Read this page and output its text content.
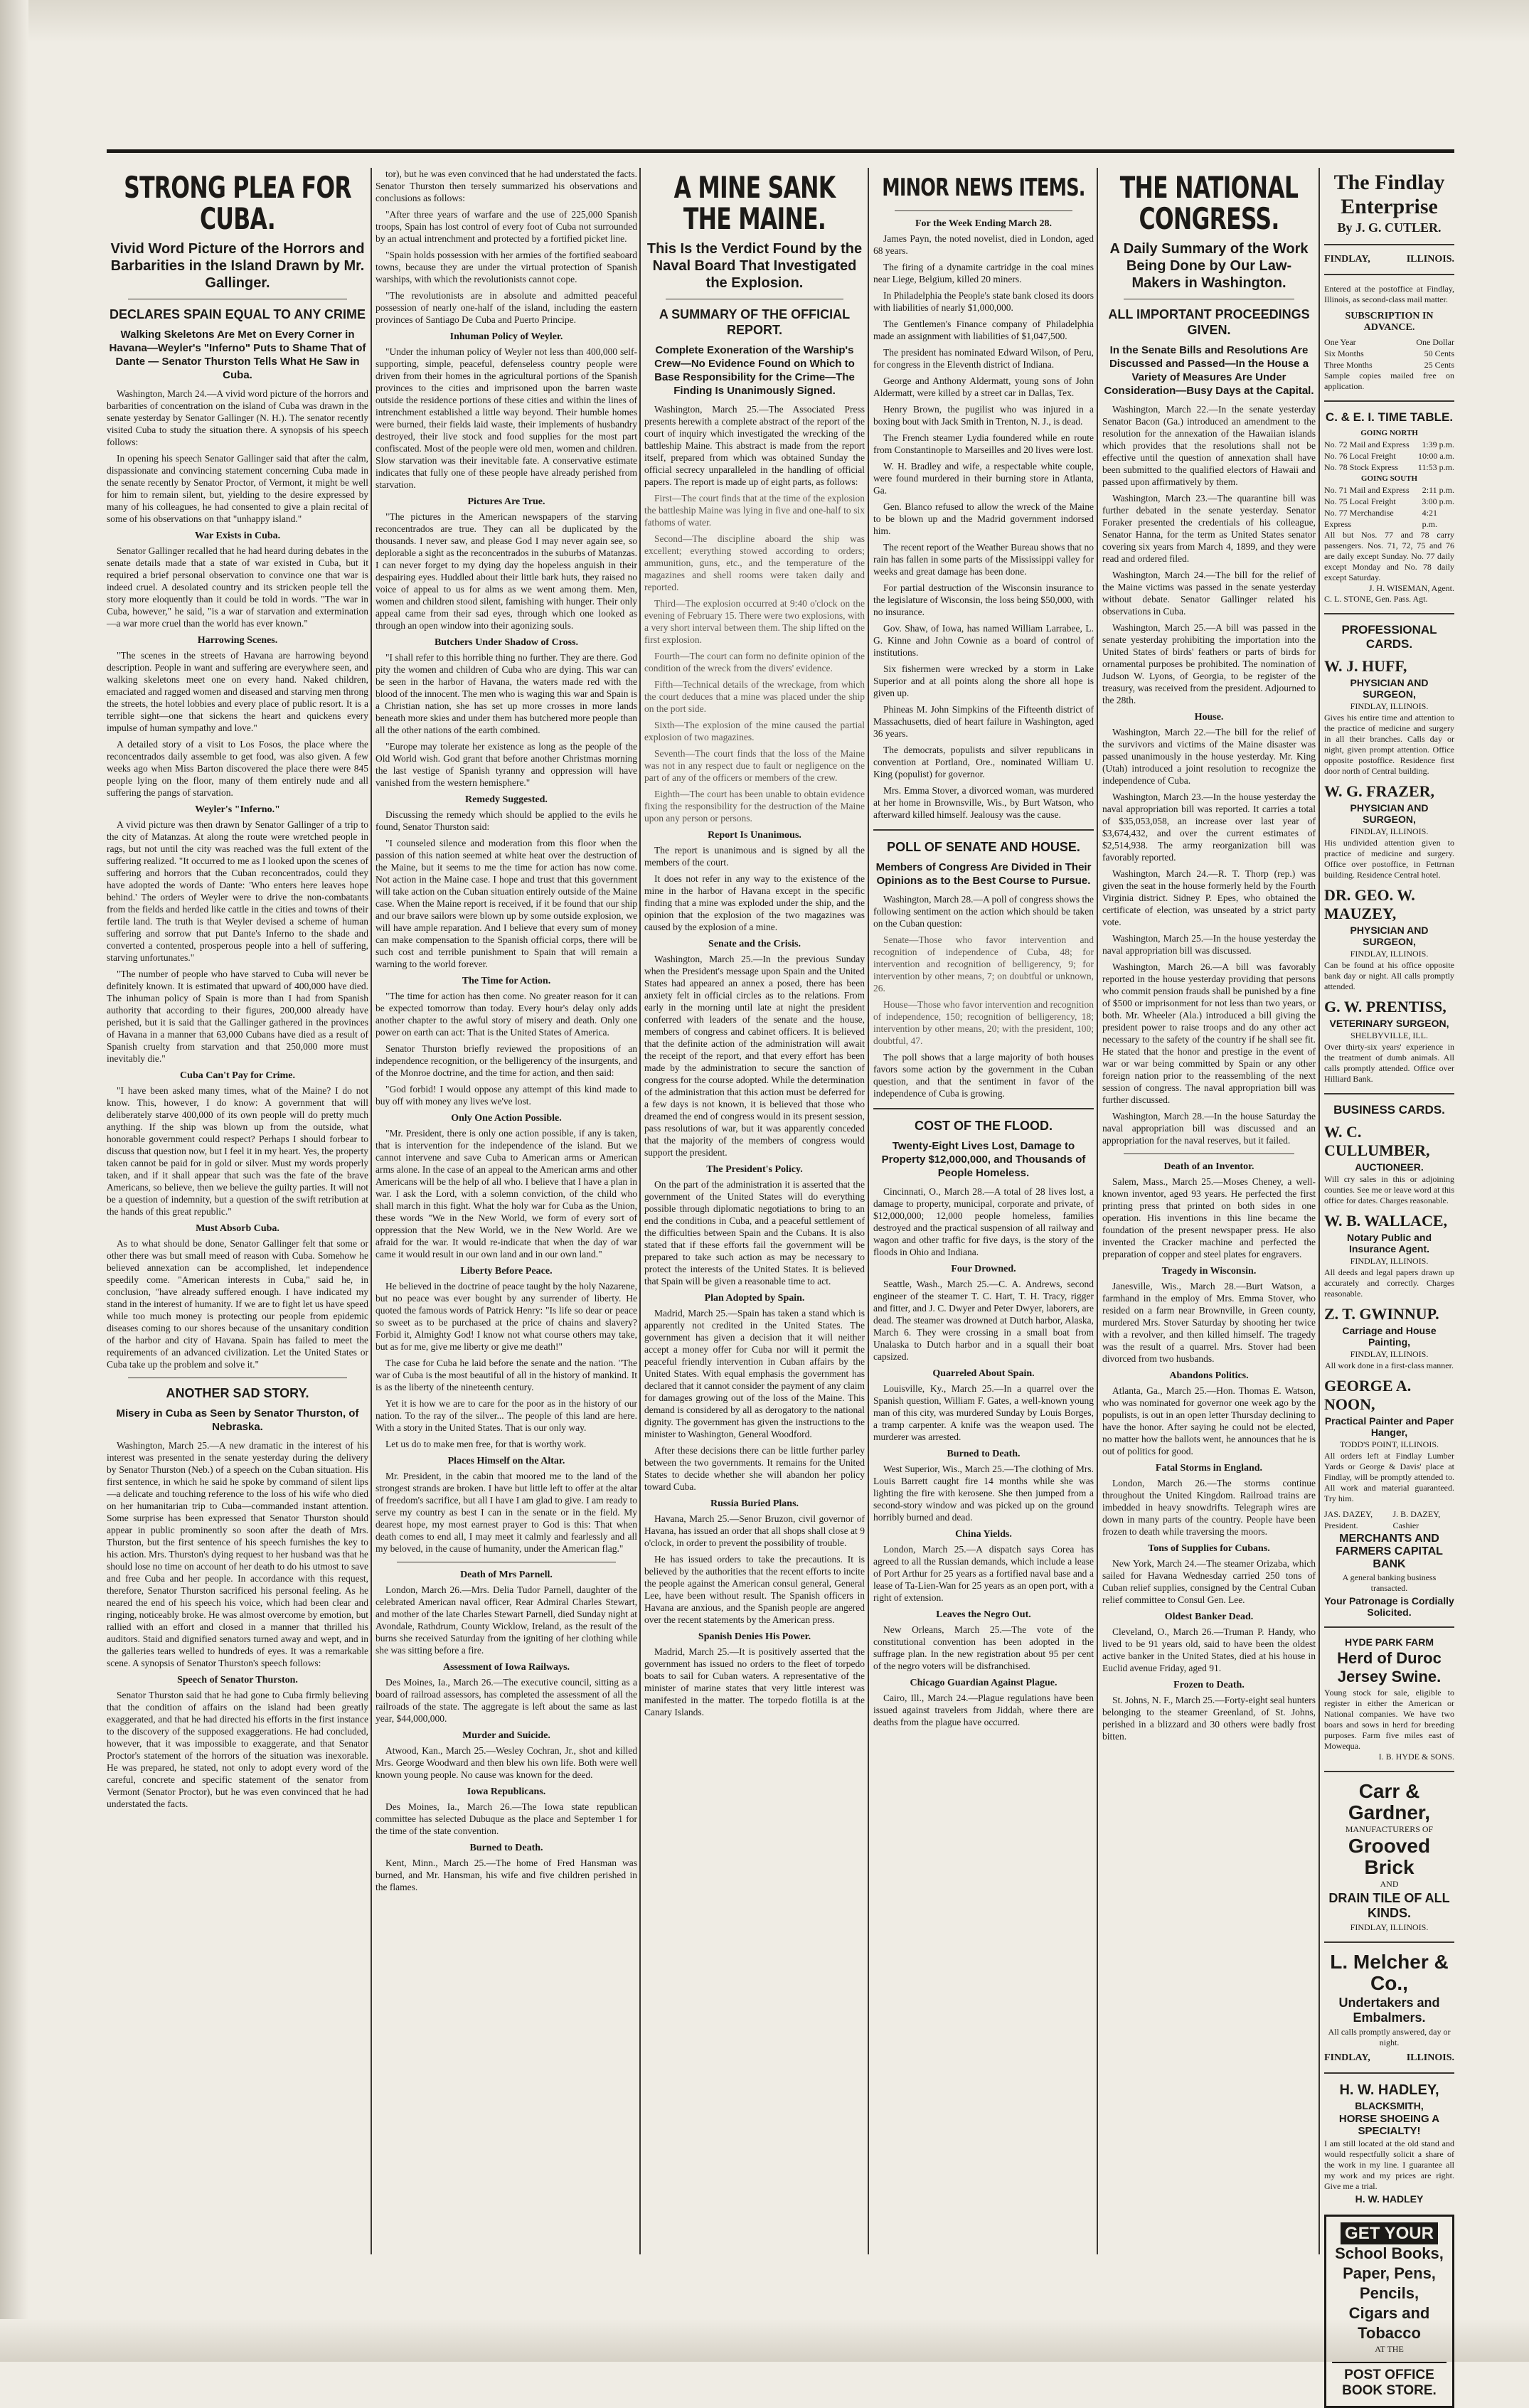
STRONG PLEA FOR CUBA.
Vivid Word Picture of the Horrors and Barbarities in the Island Drawn by Mr. Gallinger.
DECLARES SPAIN EQUAL TO ANY CRIME
Walking Skeletons Are Met on Every Corner in Havana—Weyler's "Inferno" Puts to Shame That of Dante — Senator Thurston Tells What He Saw in Cuba.

Washington, March 24.—A vivid word picture of the horrors and barbarities of concentration on the island of Cuba was drawn in the senate yesterday by Senator Gallinger (N. H.). The senator recently visited Cuba to study the situation there. A synopsis of his speech follows:

In opening his speech Senator Gallinger said that after the calm, dispassionate and convincing statement concerning Cuba made in the senate recently by Senator Proctor, of Vermont, it might be well for him to remain silent, but, yielding to the desire expressed by many of his colleagues, he had consented to give a plain recital of some of his observations on that "unhappy island."

War Exists in Cuba.

Senator Gallinger recalled that he had heard during debates in the senate details made that a state of war existed in Cuba, but it required a brief personal observation to convince one that war is indeed cruel. A desolated country and its stricken people tell the story more eloquently than it could be told in words. "The war in Cuba, however," he said, "is a war of starvation and extermination—a war more cruel than the world has ever known."

Harrowing Scenes.

"The scenes in the streets of Havana are harrowing beyond description. People in want and suffering are everywhere seen, and walking skeletons meet one on every hand. Naked children, emaciated and ragged women and diseased and starving men throng the streets, the hotel lobbies and every place of public resort. It is a terrible sight—one that sickens the heart and quickens every impulse of human sympathy and love."

A detailed story of a visit to Los Fosos, the place where the reconcentrados daily assemble to get food, was also given. A few weeks ago when Miss Barton discovered the place there were 845 people lying on the floor, many of them entirely nude and all suffering the pangs of starvation.

Weyler's "Inferno."

A vivid picture was then drawn by Senator Gallinger of a trip to the city of Matanzas. At along the route were wretched people in rags, but not until the city was reached was the full extent of the suffering realized. "It occurred to me as I looked upon the scenes of suffering and horrors that the Cuban reconcentrados, could they have adopted the words of Dante: 'Who enters here leaves hope behind.' The orders of Weyler were to drive the non-combatants from the fields and herded like cattle in the cities and towns of their fertile land. The truth is that Weyler devised a scheme of human suffering and sorrow that put Dante's Inferno to the shade and converted a contented, prosperous people into a hell of suffering, starving unfortunates."

"The number of people who have starved to Cuba will never be definitely known. It is estimated that upward of 400,000 have died. The inhuman policy of Spain is more than I had from Spanish authority that according to their figures, 200,000 already have perished, but it is said that the Gallinger gathered in the provinces of Havana in a manner that 63,000 Cubans have died as a result of Spanish cruelty from starvation and that 250,000 more must inevitably die."

Cuba Can't Pay for Crime.

"I have been asked many times, what of the Maine? I do not know. This, however, I do know: A government that will deliberately starve 400,000 of its own people will do pretty much anything. If the ship was blown up from the outside, what honorable government could respect? Perhaps I should forbear to discuss that question now, but I feel it in my heart. Yes, the property taken cannot be paid for in gold or silver. Must my words properly taken, and if it shall appear that such was the fate of the brave Americans, so believe, then we believe the guilty parties. It will not be a question of indemnity, but a question of the swift retribution at the hands of this great republic."

Must Absorb Cuba.

As to what should be done, Senator Gallinger felt that some or other there was but small meed of reason with Cuba. Somehow he believed annexation can be accomplished, let independence speedily come. "American interests in Cuba," said he, in conclusion, "have already suffered enough. I have indicated my stand in the interest of humanity. If we are to fight let us have speed while too much money is protecting our people from epidemic diseases coming to our shores because of the unsanitary condition of the harbor and city of Havana. Spain has failed to meet the requirements of an advanced civilization. Let the United States or Cuba take up the problem and solve it."

ANOTHER SAD STORY.
Misery in Cuba as Seen by Senator Thurston, of Nebraska.

Washington, March 25.—A new dramatic in the interest of his interest was presented in the senate yesterday during the delivery by Senator Thurston (Neb.) of a speech on the Cuban situation. His first sentence, in which he said he spoke by command of silent lips—a delicate and touching reference to the loss of his wife who died on her humanitarian trip to Cuba—commanded instant attention. Some surprise has been expressed that Senator Thurston should appear in public prominently so soon after the death of Mrs. Thurston, but the first sentence of his speech furnishes the key to his action. Mrs. Thurston's dying request to her husband was that he should lose no time on account of her death to do his utmost to save and free Cuba and her people. In accordance with this request, therefore, Senator Thurston sacrificed his personal feeling. As he neared the end of his speech his voice, which had been clear and ringing, noticeably broke. He was almost overcome by emotion, but rallied with an effort and closed in a manner that thrilled his auditors. Staid and dignified senators turned away and wept, and in the galleries tears welled to hundreds of eyes. It was a remarkable scene. A synopsis of Senator Thurston's speech follows:

Speech of Senator Thurston.

Senator Thurston said that he had gone to Cuba firmly believing that the condition of affairs on the island had been greatly exaggerated, and that he had directed his efforts in the first instance to the discovery of the supposed exaggerations. He had concluded, however, that it was impossible to exaggerate, and that Senator Proctor's statement of the horrors of the situation was inexorable. He was prepared, he stated, not only to adopt every word of the careful, concrete and specific statement of the senator from Vermont (Senator Proctor), but he was even convinced that he had understated the facts.

tor), but he was even convinced that he had understated the facts. Senator Thurston then tersely summarized his observations and conclusions as follows:

"After three years of warfare and the use of 225,000 Spanish troops, Spain has lost control of every foot of Cuba not surrounded by an actual intrenchment and protected by a fortified picket line.

"Spain holds possession with her armies of the fortified seaboard towns, because they are under the virtual protection of Spanish warships, with which the revolutionists cannot cope.

"The revolutionists are in absolute and admitted peaceful possession of nearly one-half of the island, including the eastern provinces of Santiago De Cuba and Puerto Principe.

Inhuman Policy of Weyler.

"Under the inhuman policy of Weyler not less than 400,000 self-supporting, simple, peaceful, defenseless country people were driven from their homes in the agricultural portions of the Spanish provinces to the cities and imprisoned upon the barren waste outside the residence portions of these cities and within the lines of intrenchment established a little way beyond. Their humble homes were burned, their fields laid waste, their implements of husbandry destroyed, their live stock and food supplies for the most part confiscated. Most of the people were old men, women and children. Slow starvation was their inevitable fate. A conservative estimate indicates that fully one of these people have already perished from starvation.

Pictures Are True.

"The pictures in the American newspapers of the starving reconcentrados are true. They can all be duplicated by the thousands. I never saw, and please God I may never again see, so deplorable a sight as the reconcentrados in the suburbs of Matanzas. I can never forget to my dying day the hopeless anguish in their despairing eyes. Huddled about their little bark huts, they raised no voice of appeal to us for alms as we went among them. Men, women and children stood silent, famishing with hunger. Their only appeal came from their sad eyes, through which one looked as through an open window into their agonizing souls.

Butchers Under Shadow of Cross.

"I shall refer to this horrible thing no further. They are there. God pity the women and children of Cuba who are dying. This war can be seen in the harbor of Havana, the waters made red with the blood of the innocent. The men who is waging this war and Spain is a Christian nation, she has set up more crosses in more lands beneath more skies and under them has butchered more people than all the other nations of the earth combined.

"Europe may tolerate her existence as long as the people of the Old World wish. God grant that before another Christmas morning the last vestige of Spanish tyranny and oppression will have vanished from the western hemisphere."

Remedy Suggested.

Discussing the remedy which should be applied to the evils he found, Senator Thurston said:

"I counseled silence and moderation from this floor when the passion of this nation seemed at white heat over the destruction of the Maine, but it seems to me the time for action has now come. Not action in the Maine case. I hope and trust that this government will take action on the Cuban situation entirely outside of the Maine case. When the Maine report is received, if it be found that our ship and our brave sailors were blown up by some outside explosion, we will have ample reparation. And I believe that every sum of money can make compensation to the Spanish official corps, there will be such cost and terrible punishment to Spain that will remain a warning to the world forever.

The Time for Action.

"The time for action has then come. No greater reason for it can be expected tomorrow than today. Every hour's delay only adds another chapter to the awful story of misery and death. Only one power on earth can act: That is the United States of America.

Senator Thurston briefly reviewed the propositions of an independence recognition, or the belligerency of the insurgents, and of the Monroe doctrine, and the time for action, and then said:

"God forbid! I would oppose any attempt of this kind made to buy off with money any lives we've lost.

Only One Action Possible.

"Mr. President, there is only one action possible, if any is taken, that is intervention for the independence of the island. But we cannot intervene and save Cuba to American arms or American arms alone. In the case of an appeal to the American arms and other Americans will be the help of all who. I believe that I have a plan in war. I ask the Lord, with a solemn conviction, of the child who shall march in this fight. What the holy war for Cuba as the Union, these words "We in the New World, we form of every sort of oppression that the New World, we in the New World. Are we afraid for the war. It would re-indicate that when the day of war came it would result in our own land and in our own land."

Liberty Before Peace.

He believed in the doctrine of peace taught by the holy Nazarene, but no peace was ever bought by any surrender of liberty. He quoted the famous words of Patrick Henry: "Is life so dear or peace so sweet as to be purchased at the price of chains and slavery? Forbid it, Almighty God! I know not what course others may take, but as for me, give me liberty or give me death!"

The case for Cuba he laid before the senate and the nation. "The war of Cuba is the most beautiful of all in the history of mankind. It is as the liberty of the nineteenth century.

Yet it is how we are to care for the poor as in the history of our nation. To the ray of the silver... The people of this land are here. With a story in the United States. That is our only way.

Let us do to make men free, for that is worthy work.

Places Himself on the Altar.

Mr. President, in the cabin that moored me to the land of the strongest strands are broken. I have but little left to offer at the altar of freedom's sacrifice, but all I have I am glad to give. I am ready to serve my country as best I can in the senate or in the field. My dearest hope, my most earnest prayer to God is this: That when death comes to end all, I may meet it calmly and fearlessly and all my beloved, in the cause of humanity, under the American flag."

Death of Mrs Parnell.

London, March 26.—Mrs. Delia Tudor Parnell, daughter of the celebrated American naval officer, Rear Admiral Charles Stewart, and mother of the late Charles Stewart Parnell, died Sunday night at Avondale, Rathdrum, County Wicklow, Ireland, as the result of the burns she received Saturday from the igniting of her clothing while she was sitting before a fire.

Assessment of Iowa Railways.

Des Moines, Ia., March 26.—The executive council, sitting as a board of railroad assessors, has completed the assessment of all the railroads of the state. The aggregate is left about the same as last year, $44,000,000.

Murder and Suicide.

Atwood, Kan., March 25.—Wesley Cochran, Jr., shot and killed Mrs. George Woodward and then blew his own life. Both were well known young people. No cause was known for the deed.

Iowa Republicans.

Des Moines, Ia., March 26.—The Iowa state republican committee has selected Dubuque as the place and September 1 for the time of the state convention.

Burned to Death.

Kent, Minn., March 25.—The home of Fred Hansman was burned, and Mr. Hansman, his wife and five children perished in the flames.

A MINE SANK THE MAINE.
This Is the Verdict Found by the Naval Board That Investigated the Explosion.
A SUMMARY OF THE OFFICIAL REPORT.
Complete Exoneration of the Warship's Crew—No Evidence Found on Which to Base Responsibility for the Crime—The Finding Is Unanimously Signed.

Washington, March 25.—The Associated Press presents herewith a complete abstract of the report of the court of inquiry which investigated the wrecking of the battleship Maine. This abstract is made from the report itself, prepared from which was obtained Sunday the official secrecy unparalleled in the handling of official papers. The report is made up of eight parts, as follows:

First—The court finds that at the time of the explosion the battleship Maine was lying in five and one-half to six fathoms of water.

Second—The discipline aboard the ship was excellent; everything stowed according to orders; ammunition, guns, etc., and the temperature of the magazines and shell rooms were taken daily and reported.

Third—The explosion occurred at 9:40 o'clock on the evening of February 15. There were two explosions, with a very short interval between them. The ship lifted on the first explosion.

Fourth—The court can form no definite opinion of the condition of the wreck from the divers' evidence.

Fifth—Technical details of the wreckage, from which the court deduces that a mine was placed under the ship on the port side.

Sixth—The explosion of the mine caused the partial explosion of two magazines.

Seventh—The court finds that the loss of the Maine was not in any respect due to fault or negligence on the part of any of the officers or members of the crew.

Eighth—The court has been unable to obtain evidence fixing the responsibility for the destruction of the Maine upon any person or persons.

Report Is Unanimous.

The report is unanimous and is signed by all the members of the court.

It does not refer in any way to the existence of the mine in the harbor of Havana except in the specific finding that a mine was exploded under the ship, and the opinion that the explosion of the two magazines was caused by the explosion of a mine.

Senate and the Crisis.

Washington, March 25.—In the previous Sunday when the President's message upon Spain and the United States had appeared an annex a posed, there has been anxiety felt in official circles as to the relations. From early in the morning until late at night the president conferred with leaders of the senate and the house, members of congress and cabinet officers. It is believed that the definite action of the administration will await the receipt of the report, and that every effort has been made by the administration to secure the sanction of congress for the course adopted. While the determination of the administration that this action must be deferred for a few days is not known, it is believed that those who dreamed the end of congress would in its present session, pass resolutions of war, but it was apparently conceded that the majority of the members of congress would support the president.

The President's Policy.

On the part of the administration it is asserted that the government of the United States will do everything possible through diplomatic negotiations to bring to an end the conditions in Cuba, and a peaceful settlement of the difficulties between Spain and the Cubans. It is also stated that if these efforts fail the government will be prepared to take such action as may be necessary to protect the interests of the United States. It is believed that Spain will be given a reasonable time to act.

Plan Adopted by Spain.

Madrid, March 25.—Spain has taken a stand which is apparently not credited in the United States. The government has given a decision that it will neither accept a money offer for Cuba nor will it permit the peaceful friendly intervention in Cuban affairs by the United States. With equal emphasis the government has declared that it cannot consider the payment of any claim for damages growing out of the loss of the Maine. This demand is considered by all as derogatory to the national dignity. The government has given the instructions to the minister to Washington, General Woodford.

After these decisions there can be little further parley between the two governments. It remains for the United States to decide whether she will abandon her policy toward Cuba.

Russia Buried Plans.

Havana, March 25.—Senor Bruzon, civil governor of Havana, has issued an order that all shops shall close at 9 o'clock, in order to prevent the possibility of trouble.

He has issued orders to take the precautions. It is believed by the authorities that the recent efforts to incite the people against the American consul general, General Lee, have been without result. The Spanish officers in Havana are anxious, and the Spanish people are angered over the recent statements by the American press.

Spanish Denies His Power.

Madrid, March 25.—It is positively asserted that the government has issued no orders to the fleet of torpedo boats to sail for Cuban waters. A representative of the minister of marine states that very little interest was manifested in the matter. The torpedo flotilla is at the Canary Islands.

MINOR NEWS ITEMS.
For the Week Ending March 28.

James Payn, the noted novelist, died in London, aged 68 years.

The firing of a dynamite cartridge in the coal mines near Liege, Belgium, killed 20 miners.

In Philadelphia the People's state bank closed its doors with liabilities of nearly $1,000,000.

The Gentlemen's Finance company of Philadelphia made an assignment with liabilities of $1,047,500.

The president has nominated Edward Wilson, of Peru, for congress in the Eleventh district of Indiana.

George and Anthony Aldermatt, young sons of John Aldermatt, were killed by a street car in Dallas, Tex.

Henry Brown, the pugilist who was injured in a boxing bout with Jack Smith in Trenton, N. J., is dead.

The French steamer Lydia foundered while en route from Constantinople to Marseilles and 20 lives were lost.

W. H. Bradley and wife, a respectable white couple, were found murdered in their burning store in Atlanta, Ga.

Gen. Blanco refused to allow the wreck of the Maine to be blown up and the Madrid government indorsed him.

The recent report of the Weather Bureau shows that no rain has fallen in some parts of the Mississippi valley for weeks and great damage has been done.

For partial destruction of the Wisconsin insurance to the legislature of Wisconsin, the loss being $50,000, with no insurance.

Gov. Shaw, of Iowa, has named William Larrabee, L. G. Kinne and John Cownie as a board of control of institutions.

Six fishermen were wrecked by a storm in Lake Superior and at all points along the shore all hope is given up.

Phineas M. John Simpkins of the Fifteenth district of Massachusetts, died of heart failure in Washington, aged 36 years.

The democrats, populists and silver republicans in convention at Portland, Ore., nominated William U. King (populist) for governor.

Mrs. Emma Stover, a divorced woman, was murdered at her home in Brownsville, Wis., by Burt Watson, who afterward killed himself. Jealousy was the cause.

POLL OF SENATE AND HOUSE.
Members of Congress Are Divided in Their Opinions as to the Best Course to Pursue.

Washington, March 28.—A poll of congress shows the following sentiment on the action which should be taken on the Cuban question:

Senate—Those who favor intervention and recognition of independence of Cuba, 48; for intervention and recognition of belligerency, 9; for intervention by other means, 7; on doubtful or unknown, 26.

House—Those who favor intervention and recognition of independence, 150; recognition of belligerency, 18; intervention by other means, 20; with the president, 100; doubtful, 47.

The poll shows that a large majority of both houses favors some action by the government in the Cuban question, and that the sentiment in favor of the independence of Cuba is growing.

COST OF THE FLOOD.
Twenty-Eight Lives Lost, Damage to Property $12,000,000, and Thousands of People Homeless.

Cincinnati, O., March 28.—A total of 28 lives lost, a damage to property, municipal, corporate and private, of $12,000,000; 12,000 people homeless, families destroyed and the practical suspension of all railway and wagon and other traffic for five days, is the story of the floods in Ohio and Indiana.

Four Drowned.

Seattle, Wash., March 25.—C. A. Andrews, second engineer of the steamer T. C. Hart, T. H. Tracy, rigger and fitter, and J. C. Dwyer and Peter Dwyer, laborers, are dead. The steamer was drowned at Dutch harbor, Alaska, March 6. They were crossing in a small boat from Unalaska to Dutch harbor and in a squall their boat capsized.

Quarreled About Spain.

Louisville, Ky., March 25.—In a quarrel over the Spanish question, William F. Gates, a well-known young man of this city, was murdered Sunday by Louis Borges, a tramp carpenter. A knife was the weapon used. The murderer was arrested.

Burned to Death.

West Superior, Wis., March 25.—The clothing of Mrs. Louis Barrett caught fire 14 months while she was lighting the fire with kerosene. She then jumped from a second-story window and was picked up on the ground horribly burned and dead.

China Yields.

London, March 25.—A dispatch says Corea has agreed to all the Russian demands, which include a lease of Port Arthur for 25 years as a fortified naval base and a lease of Ta-Lien-Wan for 25 years as an open port, with a right of extension.

Leaves the Negro Out.

New Orleans, March 25.—The vote of the constitutional convention has been adopted in the suffrage plan. In the new registration about 95 per cent of the negro voters will be disfranchised.

Chicago Guardian Against Plague.

Cairo, Ill., March 24.—Plague regulations have been issued against travelers from Jiddah, where there are deaths from the plague have occurred.

THE NATIONAL CONGRESS.
A Daily Summary of the Work Being Done by Our Law-Makers in Washington.
ALL IMPORTANT PROCEEDINGS GIVEN.
In the Senate Bills and Resolutions Are Discussed and Passed—In the House a Variety of Measures Are Under Consideration—Busy Days at the Capital.

Washington, March 22.—In the senate yesterday Senator Bacon (Ga.) introduced an amendment to the resolution for the annexation of the Hawaiian islands which provides that the resolutions shall not be effective until the question of annexation shall have been submitted to the qualified electors of Hawaii and passed upon affirmatively by them.

Washington, March 23.—The quarantine bill was further debated in the senate yesterday. Senator Foraker presented the credentials of his colleague, Senator Hanna, for the term as United States senator covering six years from March 4, 1899, and they were read and ordered filed.

Washington, March 24.—The bill for the relief of the Maine victims was passed in the senate yesterday without debate. Senator Gallinger related his observations in Cuba.

Washington, March 25.—A bill was passed in the senate yesterday prohibiting the importation into the United States of birds' feathers or parts of birds for ornamental purposes be prohibited. The nomination of Judson W. Lyons, of Georgia, to be register of the treasury, was received from the president. Adjourned to the 28th.

House.

Washington, March 22.—The bill for the relief of the survivors and victims of the Maine disaster was passed unanimously in the house yesterday. Mr. King (Utah) introduced a joint resolution to recognize the independence of Cuba.

Washington, March 23.—In the house yesterday the naval appropriation bill was reported. It carries a total of $35,053,058, an increase over last year of $3,674,432, and over the current estimates of $2,514,938. The army reorganization bill was favorably reported.

Washington, March 24.—R. T. Thorp (rep.) was given the seat in the house formerly held by the Fourth Virginia district. Sidney P. Epes, who obtained the certificate of election, was unseated by a strict party vote.

Washington, March 25.—In the house yesterday the naval appropriation bill was discussed.

Washington, March 26.—A bill was favorably reported in the house yesterday providing that persons who commit pension frauds shall be punished by a fine of $500 or imprisonment for not less than two years, or both. Mr. Wheeler (Ala.) introduced a bill giving the president power to raise troops and do any other act necessary to the safety of the country if he shall see fit. He stated that the honor and prestige in the event of war or war being committed by Spain or any other foreign nation prior to the reassembling of the next session of congress. The naval appropriation bill was further discussed.

Washington, March 28.—In the house Saturday the naval appropriation bill was discussed and an appropriation for the naval reserves, but it failed.

Death of an Inventor.

Salem, Mass., March 25.—Moses Cheney, a well-known inventor, aged 93 years. He perfected the first printing press that printed on both sides in one operation. His inventions in this line became the foundation of the present newspaper press. He also invented the Cracker machine and perfected the preparation of copper and steel plates for engravers.

Tragedy in Wisconsin.

Janesville, Wis., March 28.—Burt Watson, a farmhand in the employ of Mrs. Emma Stover, who resided on a farm near Brownville, in Green county, murdered Mrs. Stover Saturday by shooting her twice with a revolver, and then killed himself. The tragedy was the result of a quarrel. Mrs. Stover had been divorced from two husbands.

Abandons Politics.

Atlanta, Ga., March 25.—Hon. Thomas E. Watson, who was nominated for governor one week ago by the populists, is out in an open letter Thursday declining to have the honor. After saying he could not be elected, no matter how the ballots went, he announces that he is out of politics for good.

Fatal Storms in England.

London, March 26.—The storms continue throughout the United Kingdom. Railroad trains are imbedded in heavy snowdrifts. Telegraph wires are down in many parts of the country. People have been frozen to death while traversing the moors.

Tons of Supplies for Cubans.

New York, March 24.—The steamer Orizaba, which sailed for Havana Wednesday carried 250 tons of Cuban relief supplies, consigned by the Central Cuban relief committee to Consul Gen. Lee.

Oldest Banker Dead.

Cleveland, O., March 26.—Truman P. Handy, who lived to be 91 years old, said to have been the oldest active banker in the United States, died at his house in Euclid avenue Friday, aged 91.

Frozen to Death.

St. Johns, N. F., March 25.—Forty-eight seal hunters belonging to the steamer Greenland, of St. Johns, perished in a blizzard and 30 others were badly frost bitten.

The Findlay Enterprise
By J. G. CUTLER.
FINDLAY,	ILLINOIS.
Entered at the postoffice at Findlay, Illinois, as second-class mail matter.
SUBSCRIPTION IN ADVANCE.
One Year	One Dollar
Six Months	50 Cents
Three Months	25 Cents
Sample copies mailed free on application.
C. & E. I. TIME TABLE.
GOING NORTH
No. 72 Mail and Express 1:39 p.m.
No. 76 Local Freight	10:00 a.m.
No. 78 Stock Express 11:53 p.m.
GOING SOUTH
No. 71 Mail and Express 2:11 p.m.
No. 75 Local Freight	3:00 p.m.
No. 77 Merchandise Express
4:21 p.m.
All but Nos. 77 and 78 carry passengers. Nos. 71, 72, 75 and 76 are daily except Sunday. No. 77 daily except Monday and No. 78 daily except Saturday.
J. H. WISEMAN, Agent.
C. L. STONE, Gen. Pass. Agt.
PROFESSIONAL CARDS.
W. J. HUFF,
PHYSICIAN AND SURGEON,
FINDLAY, ILLINOIS.
Gives his entire time and attention to the practice of medicine and surgery in all their branches. Calls day or night, given prompt attention. Office opposite postoffice. Residence first door north of Central building.
W. G. FRAZER,
PHYSICIAN AND SURGEON,
FINDLAY, ILLINOIS.
His undivided attention given to practice of medicine and surgery. Office over postoffice, in Fettrnan building. Residence Central hotel.
DR. GEO. W. MAUZEY,
PHYSICIAN AND SURGEON,
FINDLAY, ILLINOIS.
Can be found at his office opposite bank day or night. All calls promptly attended.
G. W. PRENTISS,
VETERINARY SURGEON,
SHELBYVILLE, ILL.
Over thirty-six years' experience in the treatment of dumb animals. All calls promptly attended. Office over Hilliard Bank.
BUSINESS CARDS.
W. C. CULLUMBER,
AUCTIONEER.
Will cry sales in this or adjoining counties. See me or leave word at this office for dates. Charges reasonable.
W. B. WALLACE,
Notary Public and Insurance Agent.
FINDLAY, ILLINOIS.
All deeds and legal papers drawn up accurately and correctly. Charges reasonable.
Z. T. GWINNUP.
Carriage and House Painting,
FINDLAY, ILLINOIS.
All work done in a first-class manner.
GEORGE A. NOON,
Practical Painter and Paper Hanger,
TODD'S POINT, ILLINOIS.
All orders left at Findlay Lumber Yards or George & Davis' place at Findlay, will be promptly attended to. All work and material guaranteed. Try him.
JAS. DAZEY, President.
J. B. DAZEY, Cashier
MERCHANTS AND FARMERS CAPITAL BANK
A general banking business transacted.
Your Patronage is Cordially Solicited.
HYDE PARK FARM
Herd of Duroc Jersey Swine.
Young stock for sale, eligible to register in either the American or National companies. We have two boars and sows in herd for breeding purposes. Farm five miles east of Mowequa.
I. B. HYDE & SONS.
Carr & Gardner,
MANUFACTURERS OF
Grooved Brick
AND
DRAIN TILE OF ALL KINDS.
FINDLAY, ILLINOIS.
L. Melcher & Co.,
Undertakers and Embalmers.
All calls promptly answered, day or night.
FINDLAY,	ILLINOIS.
H. W. HADLEY,
BLACKSMITH,
HORSE SHOEING A SPECIALTY!
I am still located at the old stand and would respectfully solicit a share of the work in my line. I guarantee all my work and my prices are right. Give me a trial.
H. W. HADLEY
GET YOUR
School Books,
Paper, Pens, Pencils,
Cigars and Tobacco
AT THE
POST OFFICE BOOK STORE.
